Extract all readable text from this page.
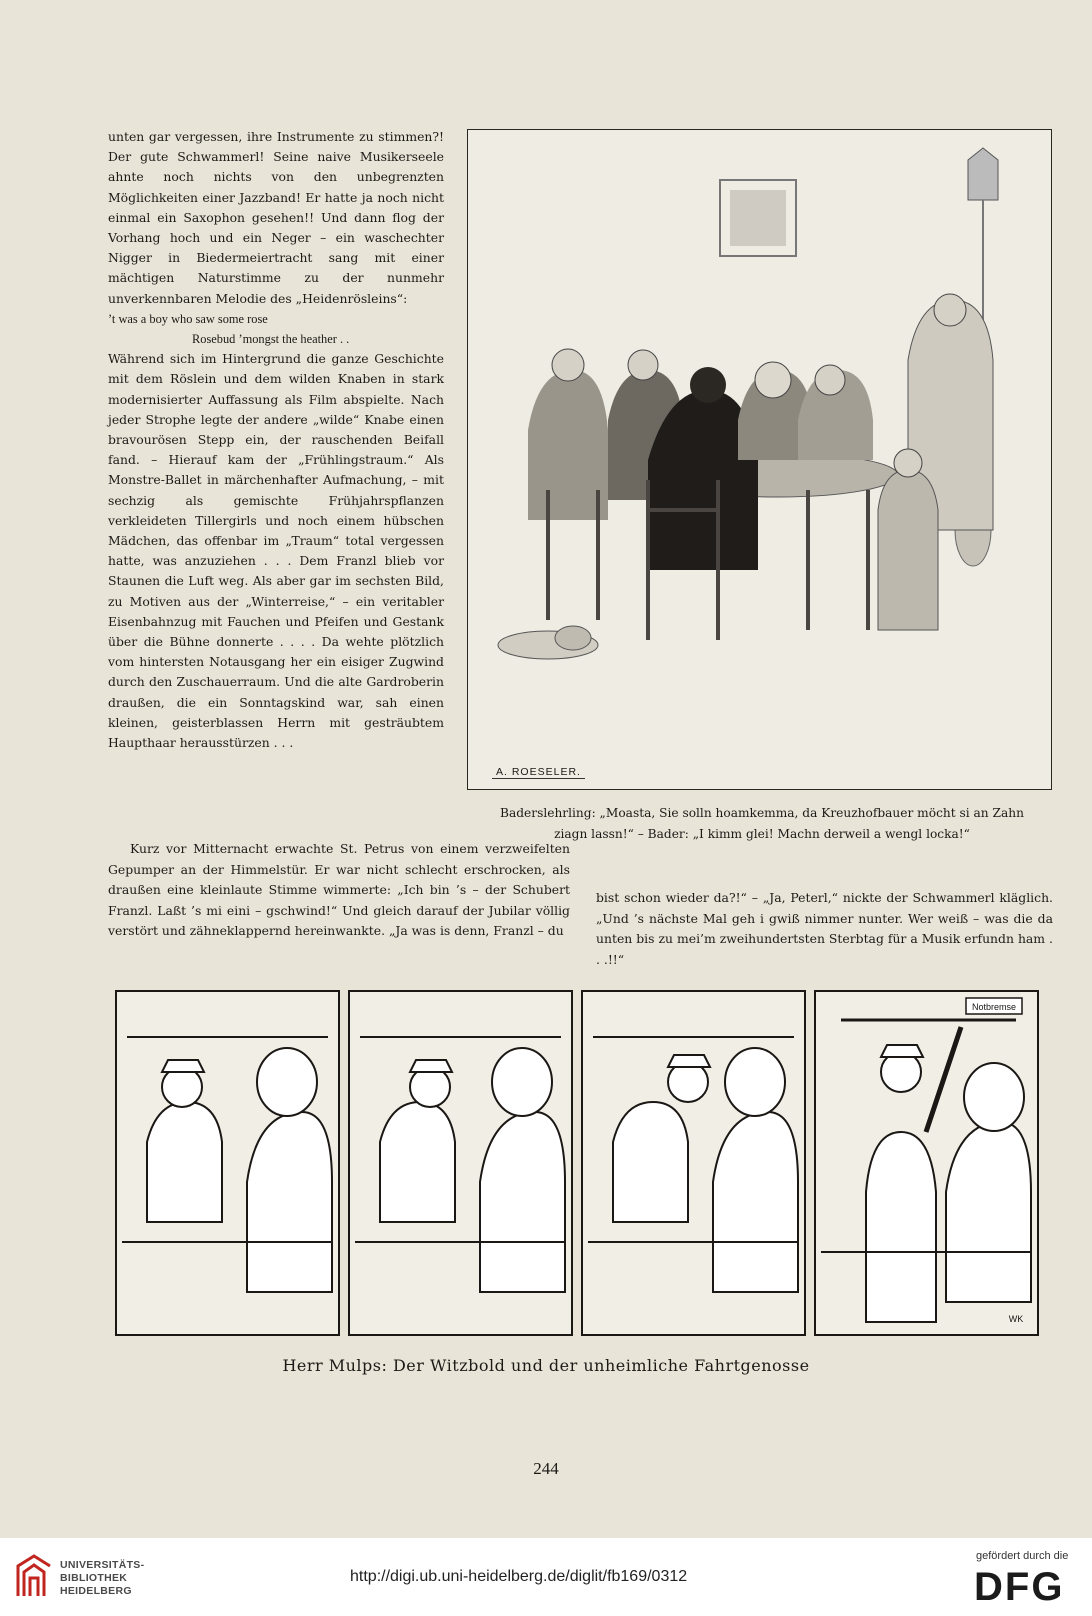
unten gar vergessen, ihre Instrumente zu stimmen?! Der gute Schwammerl! Seine naive Musikerseele ahnte noch nichts von den unbegrenzten Möglichkeiten einer Jazzband! Er hatte ja noch nicht einmal ein Saxophon gesehen!! Und dann flog der Vorhang hoch und ein Neger – ein waschechter Nigger in Biedermeiertracht sang mit einer mächtigen Naturstimme zu der nunmehr unverkennbaren Melodie des „Heidenrösleins“:

’t was a boy who saw some rose
Rosebud ’mongst the heather . .

Während sich im Hintergrund die ganze Geschichte mit dem Röslein und dem wilden Knaben in stark modernisierter Auffassung als Film abspielte. Nach jeder Strophe legte der andere „wilde“ Knabe einen bravourösen Stepp ein, der rauschenden Beifall fand. – Hierauf kam der „Frühlingstraum.“ Als Monstre-Ballet in märchenhafter Aufmachung, – mit sechzig als gemischte Frühjahrspflanzen verkleideten Tillergirls und noch einem hübschen Mädchen, das offenbar im „Traum“ total vergessen hatte, was anzuziehen . . . Dem Franzl blieb vor Staunen die Luft weg. Als aber gar im sechsten Bild, zu Motiven aus der „Winterreise,“ – ein veritabler Eisenbahnzug mit Fauchen und Pfeifen und Gestank über die Bühne donnerte . . . . Da wehte plötzlich vom hintersten Notausgang her ein eisiger Zugwind durch den Zuschauerraum. Und die alte Gardroberin draußen, die ein Sonntagskind war, sah einen kleinen, geisterblassen Herrn mit gesträubtem Haupthaar herausstürzen . . .

A. ROESELER.
Baderslehrling: „Moasta, Sie solln hoamkemma, da Kreuzhofbauer möcht si an Zahn
ziagn lassn!“ – Bader: „I kimm glei! Machn derweil a wengl locka!“

Kurz vor Mitternacht erwachte St. Petrus von einem verzweifelten Gepumper an der Himmelstür. Er war nicht schlecht erschrocken, als draußen eine kleinlaute Stimme wimmerte: „Ich bin ’s – der Schubert Franzl. Laßt ’s mi eini – gschwind!“ Und gleich darauf der Jubilar völlig verstört und zähneklappernd hereinwankte. „Ja was is denn, Franzl – du

bist schon wieder da?!“ – „Ja, Peterl,“ nickte der Schwammerl kläglich. „Und ’s nächste Mal geh i gwiß nimmer nunter. Wer weiß – was die da unten bis zu mei’m zweihundertsten Sterbtag für a Musik erfundn ham . . .!!“

Notbremse
WK
Herr Mulps: Der Witzbold und der unheimliche Fahrtgenosse
244
UNIVERSITÄTS-
BIBLIOTHEK
HEIDELBERG
http://digi.ub.uni-heidelberg.de/diglit/fb169/0312
gefördert durch die
DFG
